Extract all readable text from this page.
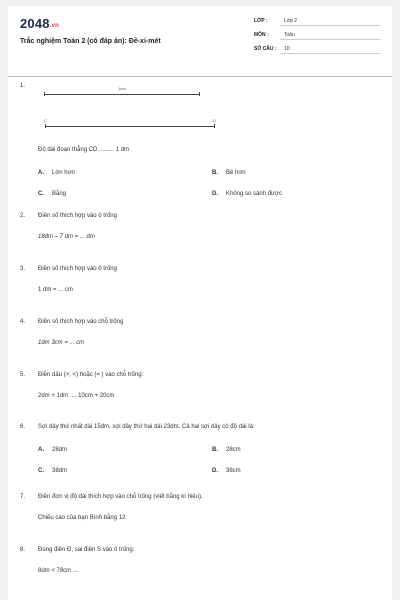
2048.vn
Trắc nghiệm Toán 2 (có đáp án): Đề-xi-mét
LỚP :	Lớp 2
MÔN :	Toán
SỐ CÂU : 10
1.	1dm
C	D
Độ dài đoạn thẳng CD ......... 1 dm
A. Lớn hơn	B. Bé hơn
C. Bằng	D. Không so sánh được
2. Điền số thích hợp vào ô trống
18dm – 7 dm = ... dm
3. Điền số thích hợp vào ô trống
1 dm = ... cm
4. Điền số thích hợp vào chỗ trống
1dm 3cm = ... cm
5. Điền dấu (>; <) hoặc (= ) vào chỗ trống:
2dm + 1dm .... 10cm + 20cm
6. Sợi dây thứ nhất dài 15dm, sợi dây thứ hai dài 23dm. Cả hai sợi dây có độ dài là:
A. 28dm	B. 28cm
C. 38dm	D. 38cm
7. Điền đơn vị độ dài thích hợp vào chỗ trống (viết bằng kí hiệu).
Chiều cao của bạn Bình bằng 12
8. Đúng điền Đ, sai điền S vào ô trống:
8dm < 78cm ...
